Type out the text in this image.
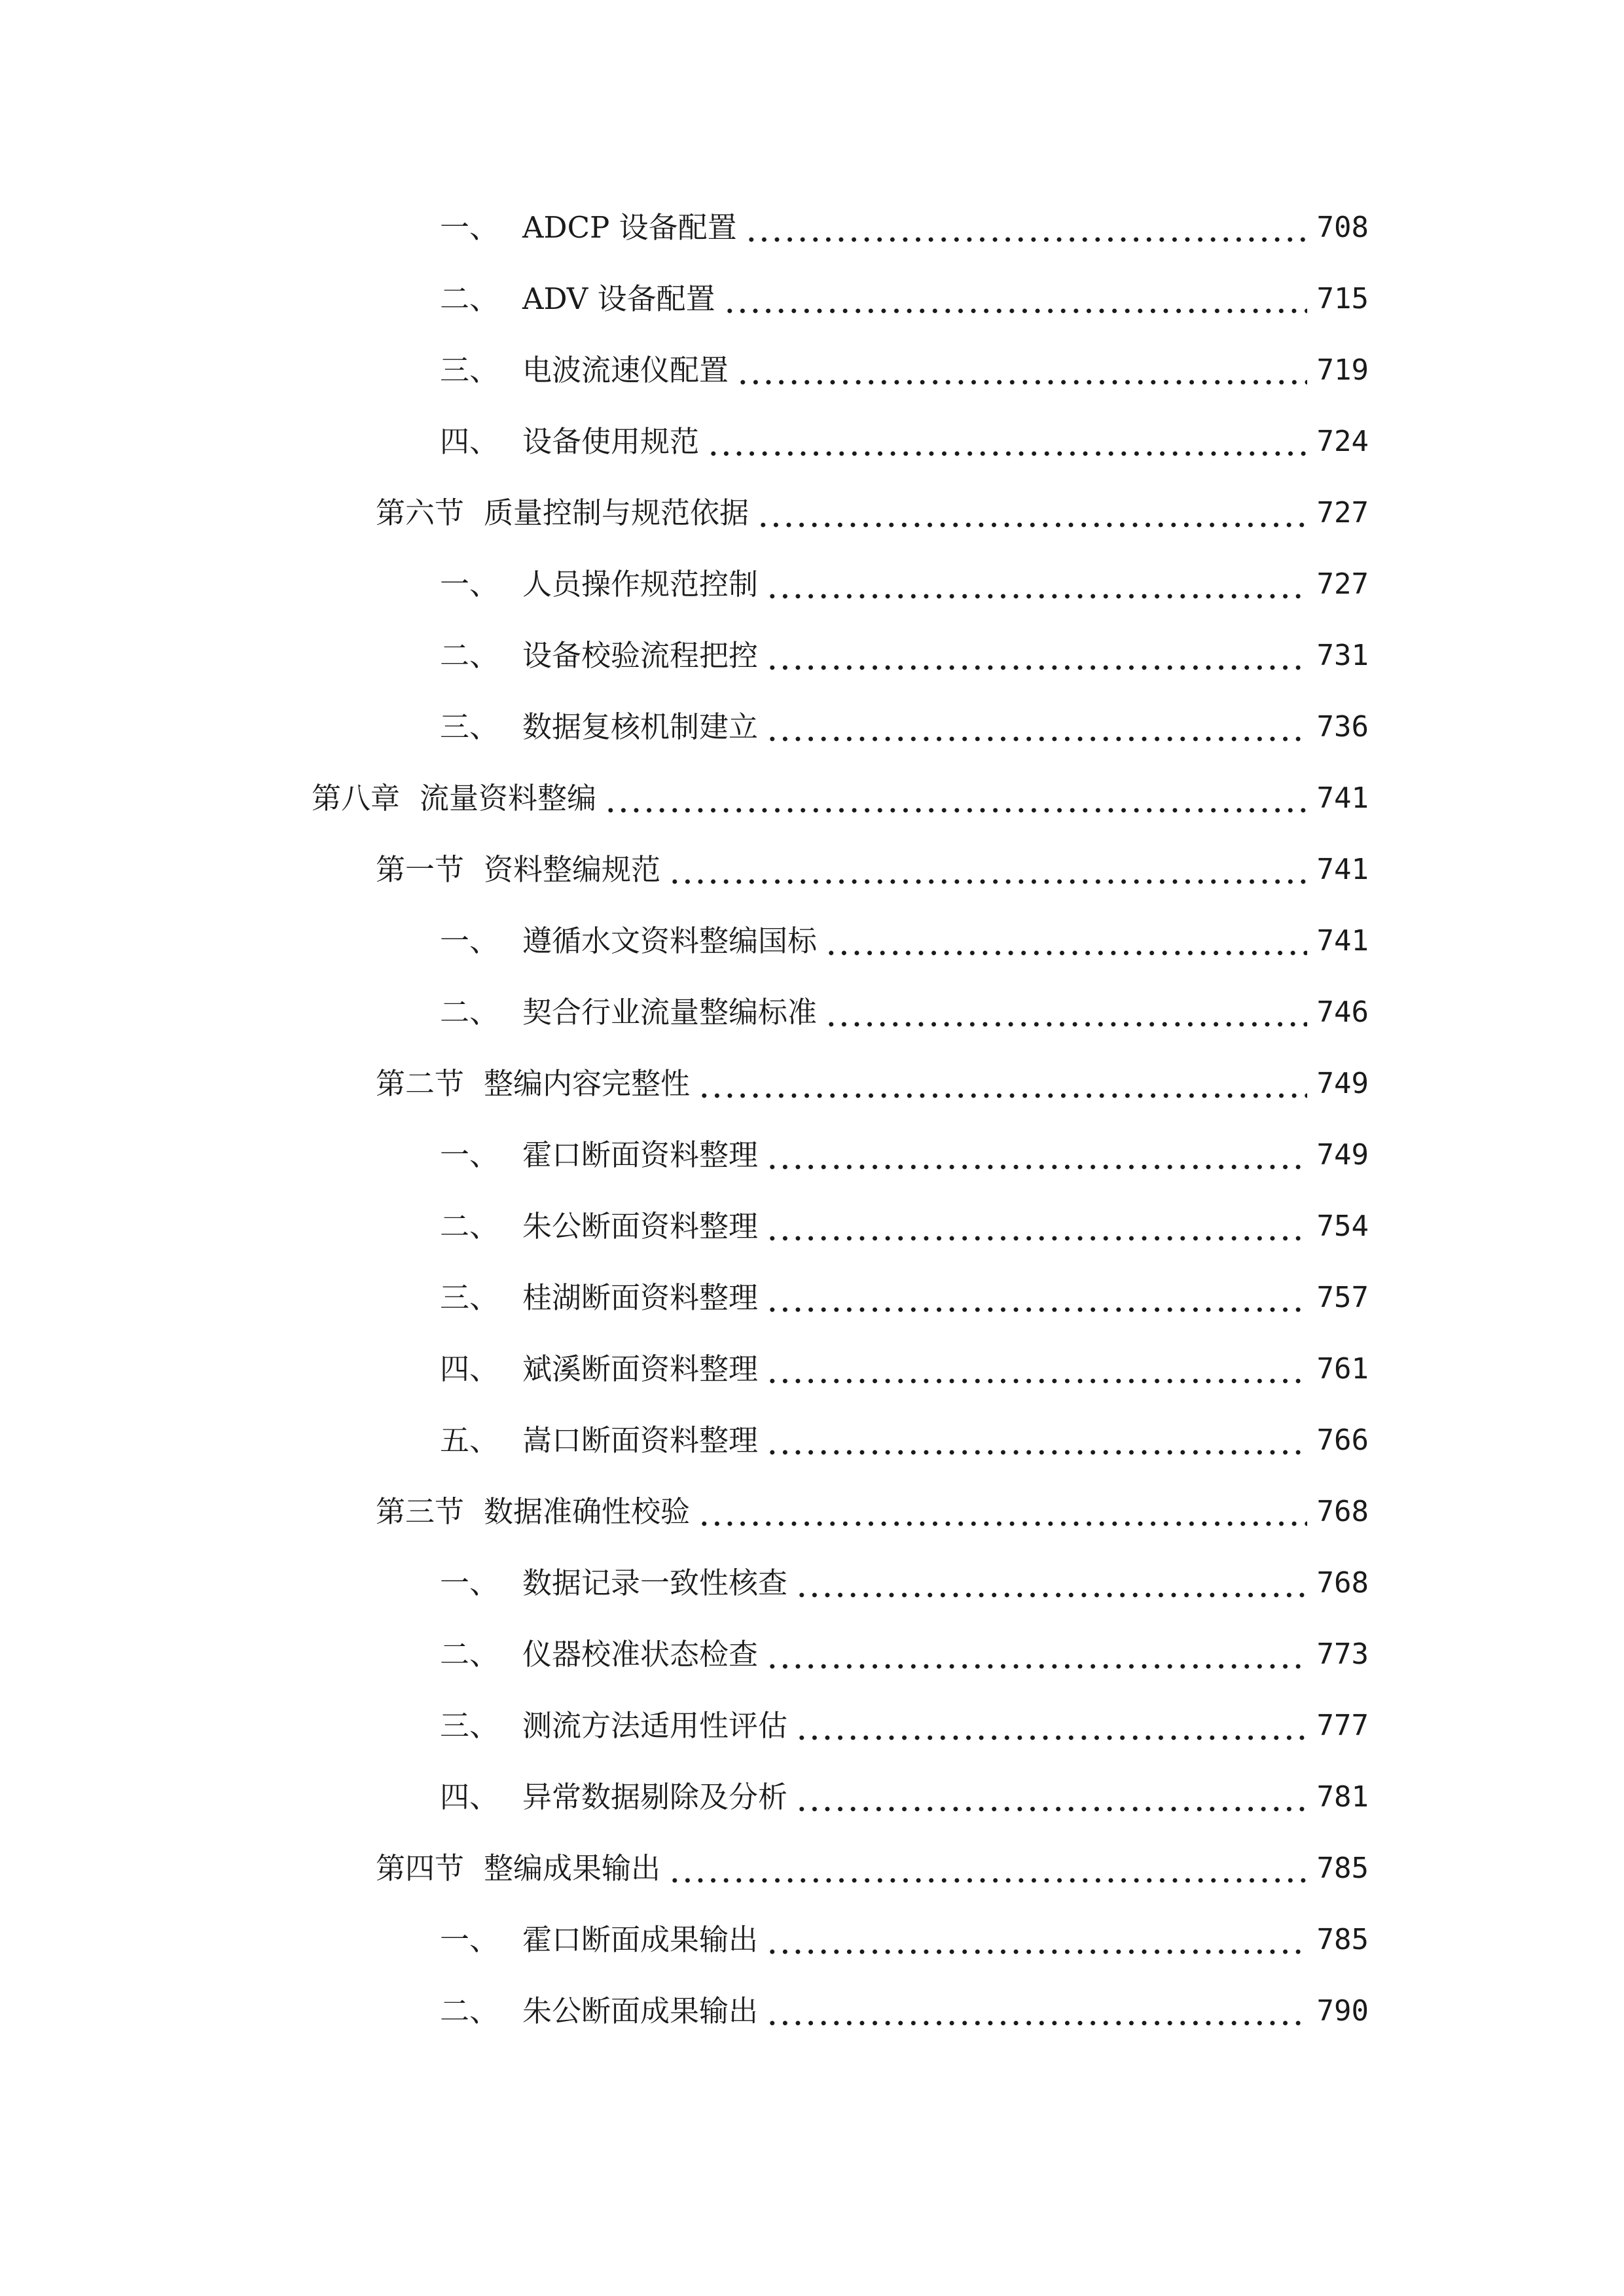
一、 ADCP 设备配置	708
二、 ADV 设备配置	715
三、 电波流速仪配置	719
四、 设备使用规范	724
第六节 质量控制与规范依据	727
一、 人员操作规范控制	727
二、 设备校验流程把控	731
三、 数据复核机制建立	736
第八章 流量资料整编	741
第一节 资料整编规范	741
一、 遵循水文资料整编国标	741
二、 契合行业流量整编标准	746
第二节 整编内容完整性	749
一、 霍口断面资料整理	749
二、 朱公断面资料整理	754
三、 桂湖断面资料整理	757
四、 斌溪断面资料整理	761
五、 嵩口断面资料整理	766
第三节 数据准确性校验	768
一、 数据记录一致性核查	768
二、 仪器校准状态检查	773
三、 测流方法适用性评估	777
四、 异常数据剔除及分析	781
第四节 整编成果输出	785
一、 霍口断面成果输出	785
二、 朱公断面成果输出	790
